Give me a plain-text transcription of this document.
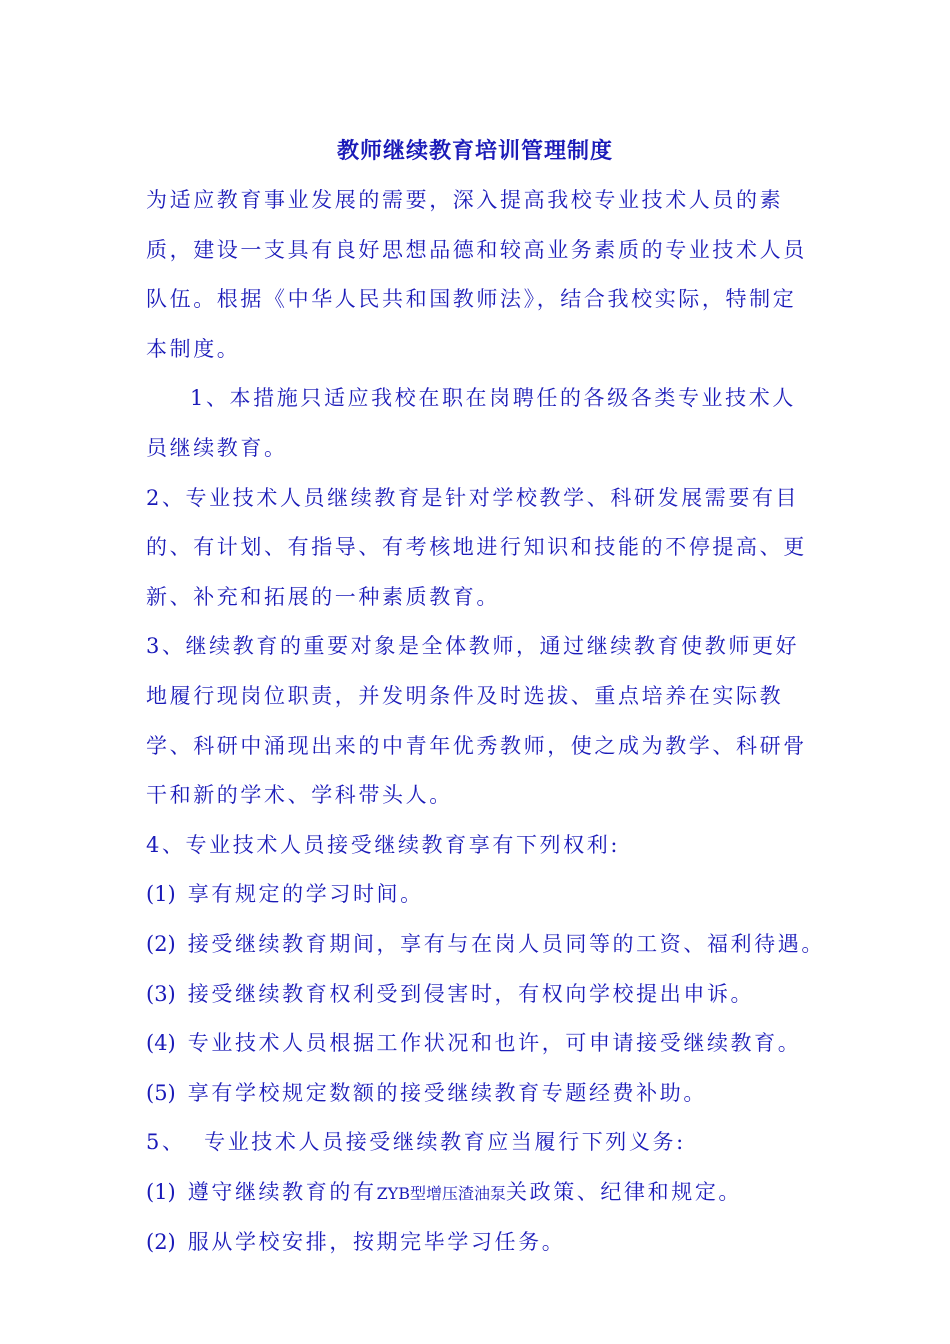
教师继续教育培训管理制度

为适应教育事业发展的需要，深入提高我校专业技术人员的素质，建设一支具有良好思想品德和较高业务素质的专业技术人员队伍。根据《中华人民共和国教师法》，结合我校实际，特制定本制度。

1、本措施只适应我校在职在岗聘任的各级各类专业技术人员继续教育。

2、专业技术人员继续教育是针对学校教学、科研发展需要有目的、有计划、有指导、有考核地进行知识和技能的不停提高、更新、补充和拓展的一种素质教育。

3、继续教育的重要对象是全体教师，通过继续教育使教师更好地履行现岗位职责，并发明条件及时选拔、重点培养在实际教学、科研中涌现出来的中青年优秀教师，使之成为教学、科研骨干和新的学术、学科带头人。

4、专业技术人员接受继续教育享有下列权利:

(1) 享有规定的学习时间。

(2) 接受继续教育期间，享有与在岗人员同等的工资、福利待遇。

(3) 接受继续教育权利受到侵害时，有权向学校提出申诉。

(4) 专业技术人员根据工作状况和也许，可申请接受继续教育。

(5) 享有学校规定数额的接受继续教育专题经费补助。

5、  专业技术人员接受继续教育应当履行下列义务:

(1) 遵守继续教育的有ZYB型增压渣油泵关政策、纪律和规定。

(2) 服从学校安排，按期完毕学习任务。
